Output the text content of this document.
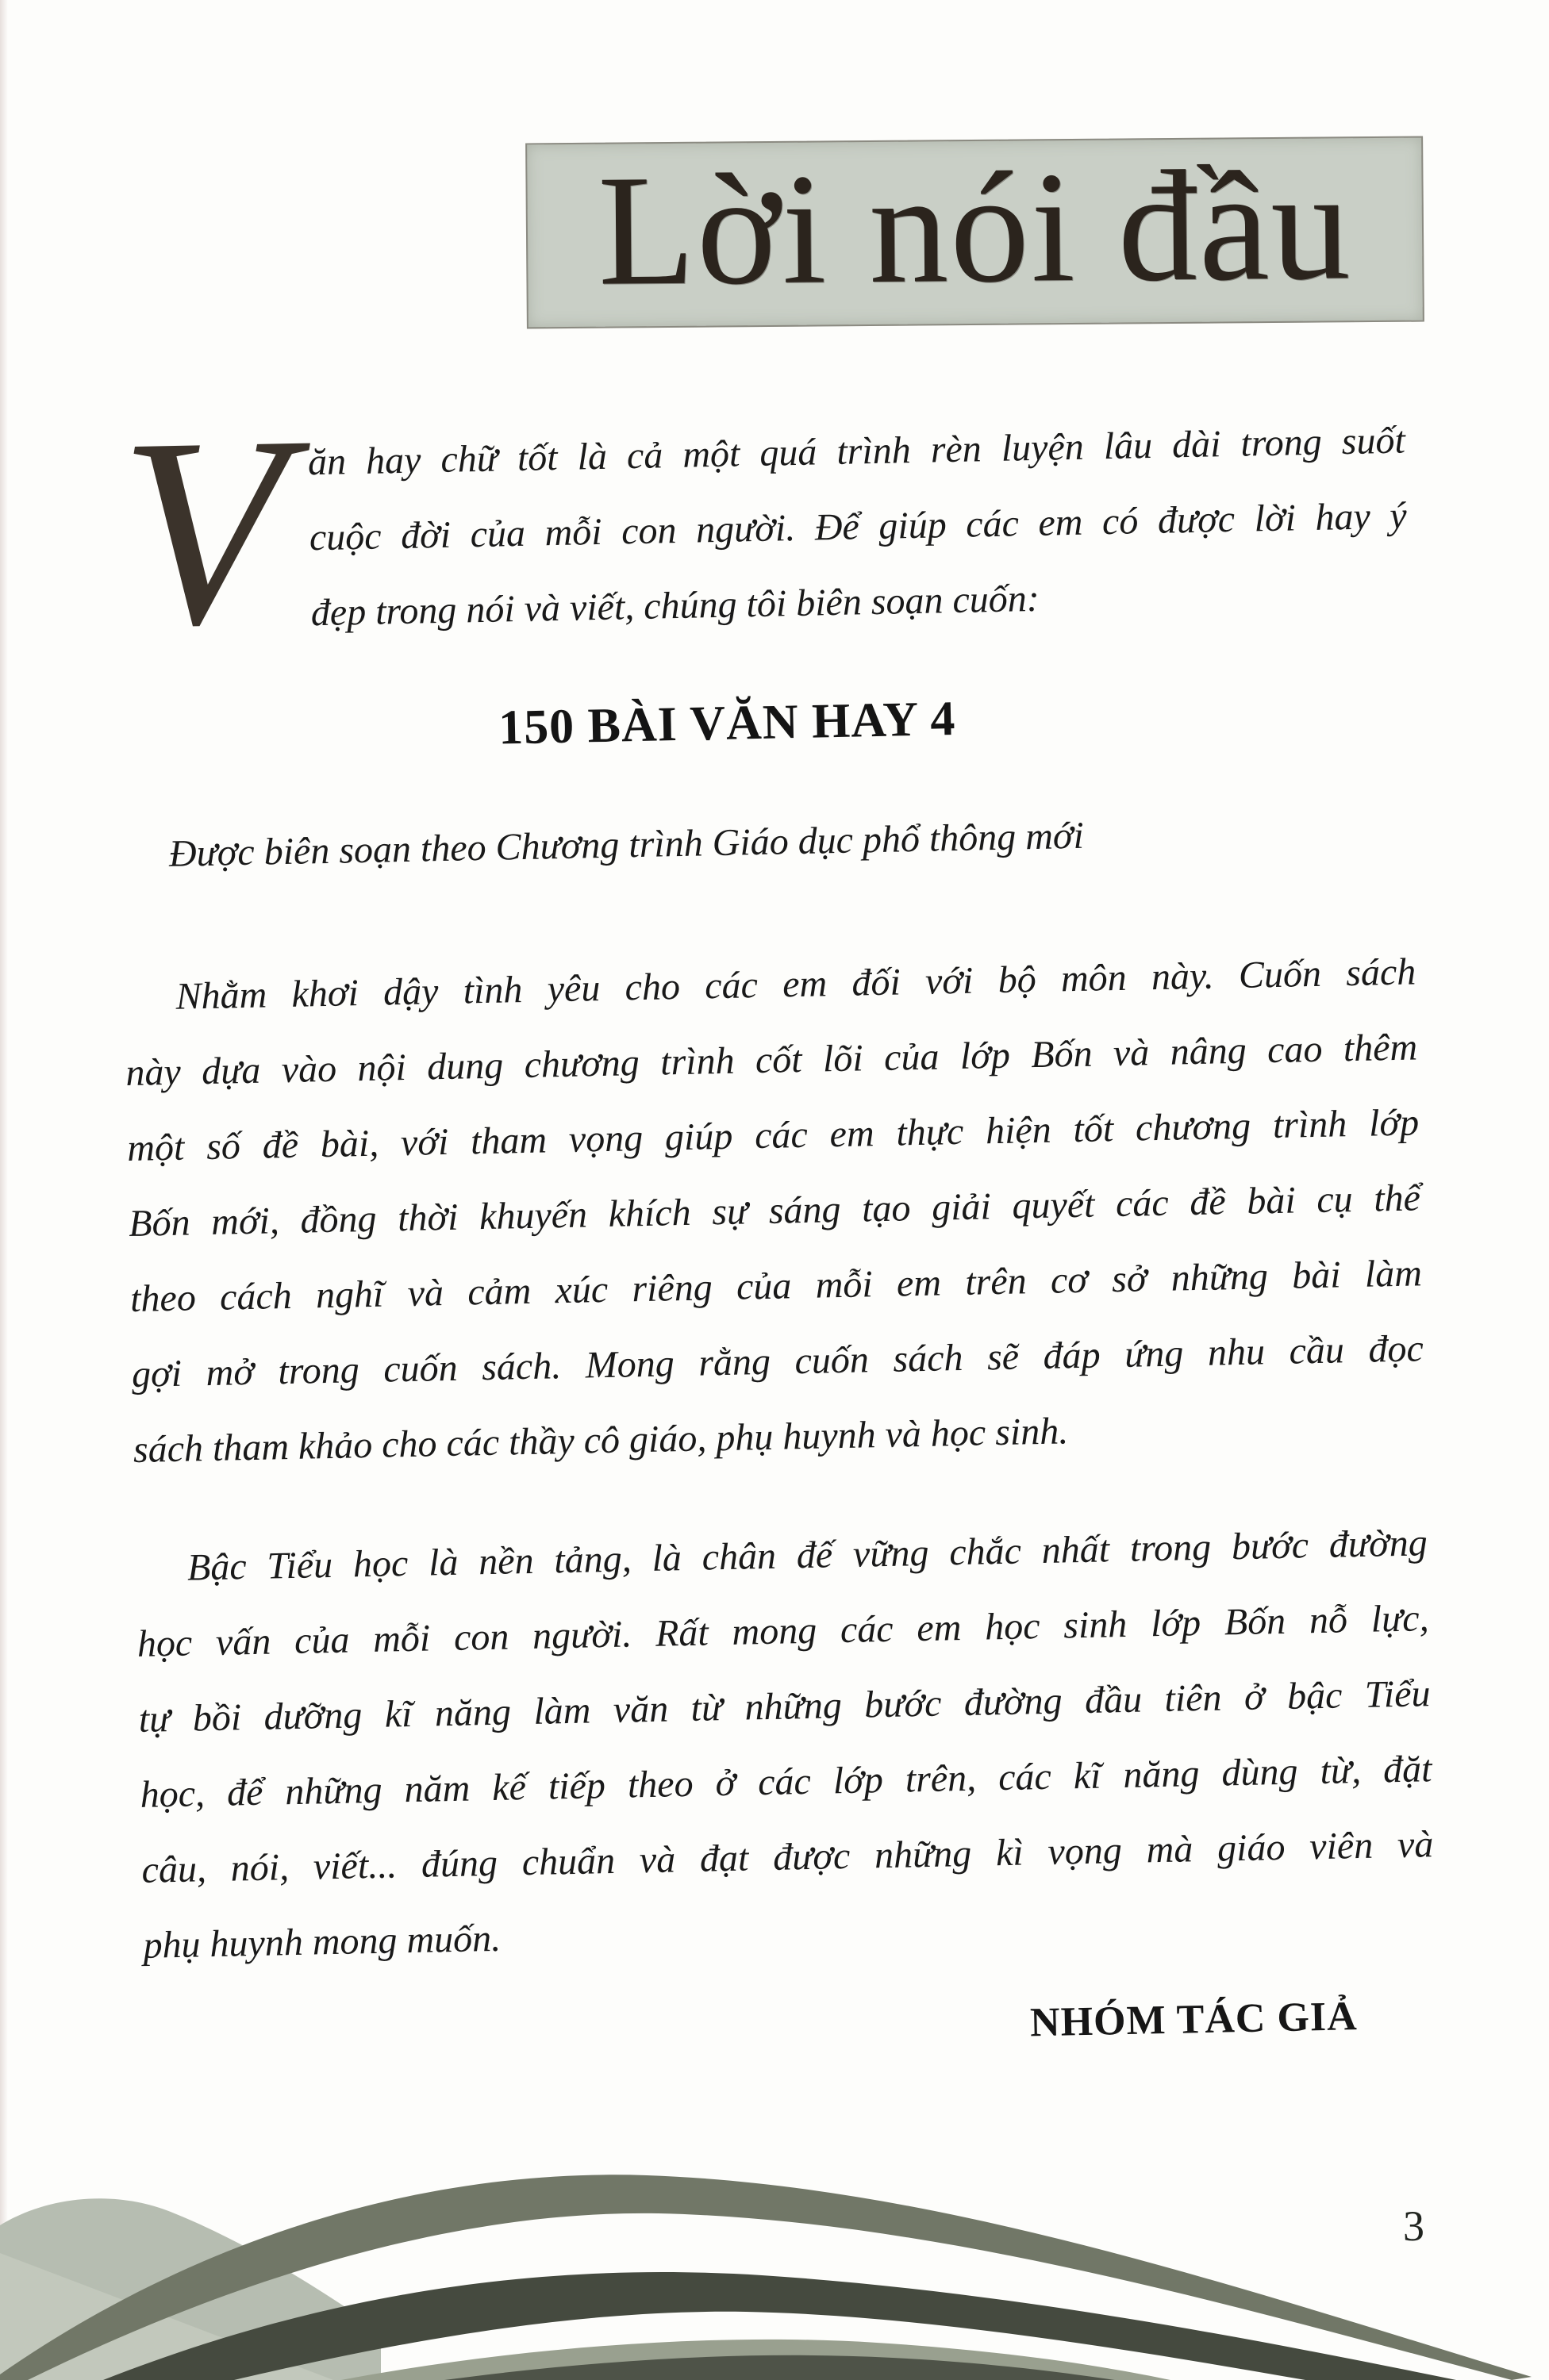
Lời nói đầu
V ăn hay chữ tốt là cả một quá trình rèn luyện lâu dài trong suốt
cuộc đời của mỗi con người. Để giúp các em có được lời hay ý
đẹp trong nói và viết, chúng tôi biên soạn cuốn:
150 BÀI VĂN HAY 4
Được biên soạn theo Chương trình Giáo dục phổ thông mới
Nhằm khơi dậy tình yêu cho các em đối với bộ môn này. Cuốn sách
này dựa vào nội dung chương trình cốt lõi của lớp Bốn và nâng cao thêm
một số đề bài, với tham vọng giúp các em thực hiện tốt chương trình lớp
Bốn mới, đồng thời khuyến khích sự sáng tạo giải quyết các đề bài cụ thể
theo cách nghĩ và cảm xúc riêng của mỗi em trên cơ sở những bài làm
gợi mở trong cuốn sách. Mong rằng cuốn sách sẽ đáp ứng nhu cầu đọc
sách tham khảo cho các thầy cô giáo, phụ huynh và học sinh.
Bậc Tiểu học là nền tảng, là chân đế vững chắc nhất trong bước đường
học vấn của mỗi con người. Rất mong các em học sinh lớp Bốn nỗ lực,
tự bồi dưỡng kĩ năng làm văn từ những bước đường đầu tiên ở bậc Tiểu
học, để những năm kế tiếp theo ở các lớp trên, các kĩ năng dùng từ, đặt
câu, nói, viết... đúng chuẩn và đạt được những kì vọng mà giáo viên và
phụ huynh mong muốn.
NHÓM TÁC GIẢ
3
